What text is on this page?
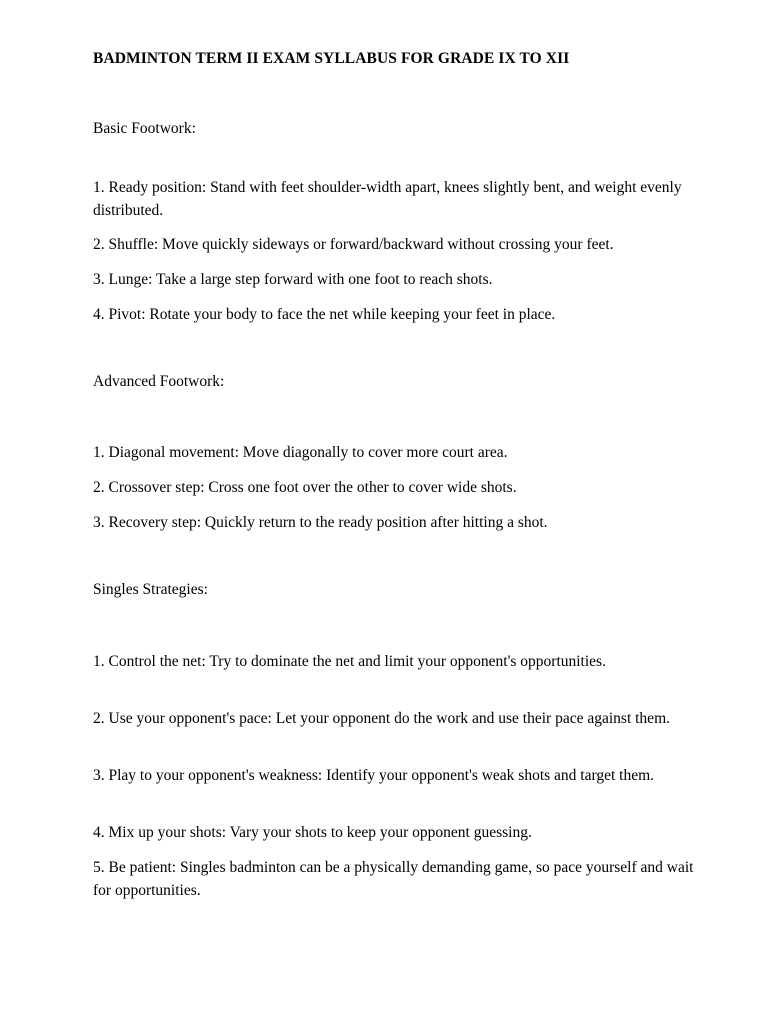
BADMINTON TERM II EXAM SYLLABUS FOR GRADE IX TO XII

Basic Footwork:

1. Ready position: Stand with feet shoulder-width apart, knees slightly bent, and weight evenly distributed.

2. Shuffle: Move quickly sideways or forward/backward without crossing your feet.

3. Lunge: Take a large step forward with one foot to reach shots.

4. Pivot: Rotate your body to face the net while keeping your feet in place.

Advanced Footwork:

1. Diagonal movement: Move diagonally to cover more court area.

2. Crossover step: Cross one foot over the other to cover wide shots.

3. Recovery step: Quickly return to the ready position after hitting a shot.

Singles Strategies:

1. Control the net: Try to dominate the net and limit your opponent's opportunities.

2. Use your opponent's pace: Let your opponent do the work and use their pace against them.

3. Play to your opponent's weakness: Identify your opponent's weak shots and target them.

4. Mix up your shots: Vary your shots to keep your opponent guessing.

5. Be patient: Singles badminton can be a physically demanding game, so pace yourself and wait for opportunities.
